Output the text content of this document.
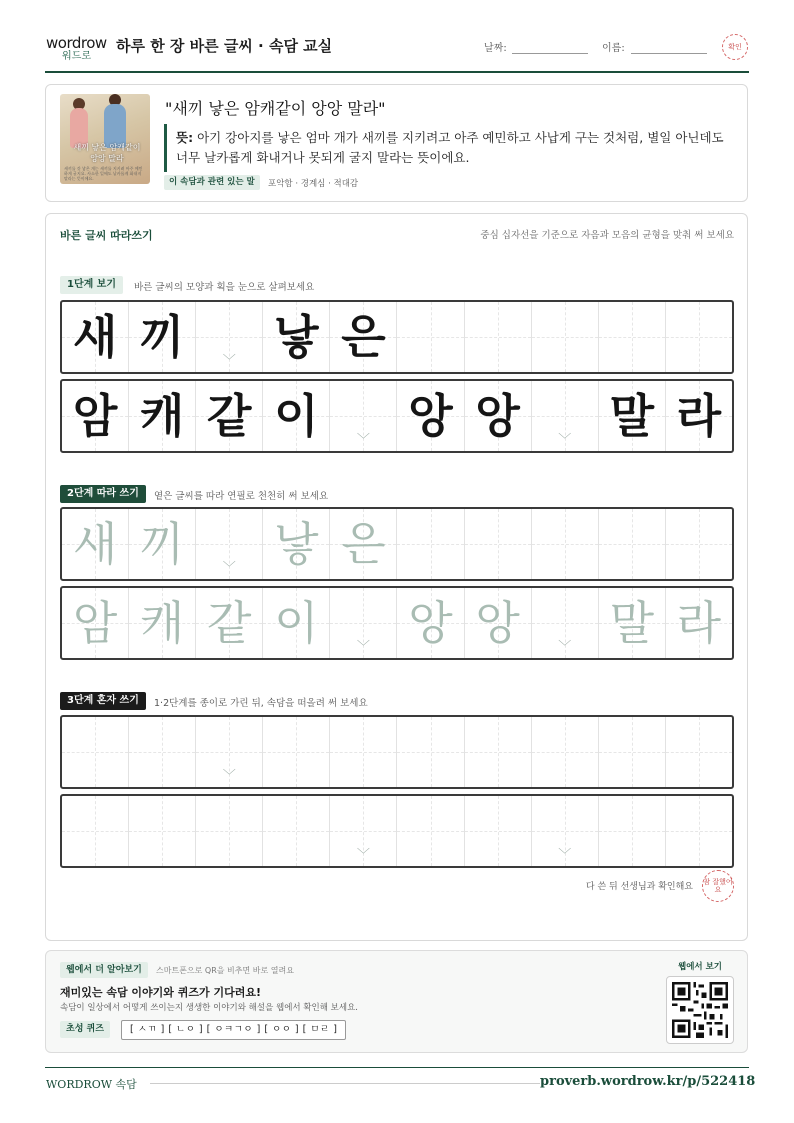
wordrow
워드로
하루 한 장 바른 글씨 · 속담 교실	날짜:	이름:	확인
새끼 낳은 암캐같이 앙앙 말라
새끼를 갓 낳은 개는 새끼를 지키려 아주 예민하게 굴지요. 사소한 일에도 날카롭게 화내지 말라는 뜻이에요.
"새끼 낳은 암캐같이 앙앙 말라"
뜻: 아기 강아지를 낳은 엄마 개가 새끼를 지키려고 아주 예민하고 사납게 구는 것처럼, 별일 아닌데도 너무 날카롭게 화내거나 못되게 굴지 말라는 뜻이에요.
이 속담과 관련 있는 말	포악함 · 경계심 · 적대감
바른 글씨 따라쓰기	중심 십자선을 기준으로 자음과 모음의 균형을 맞춰 써 보세요
1단계 보기	바른 글씨의 모양과 획을 눈으로 살펴보세요
새 끼	﹀ 낳 은
암 캐 같 이	﹀ 앙 앙	﹀ 말 라
2단계 따라 쓰기	옅은 글씨를 따라 연필로 천천히 써 보세요
새 끼	﹀ 낳 은
암 캐 같 이	﹀ 앙 앙	﹀ 말 라
3단계 혼자 쓰기	1·2단계를 종이로 가린 뒤, 속담을 떠올려 써 보세요
﹀
﹀	﹀
다 쓴 뒤 선생님과 확인해요 참 잘했어요
웹에서 더 알아보기	스마트폰으로 QR을 비추면 바로 열려요
재미있는 속담 이야기와 퀴즈가 기다려요!
속담이 일상에서 어떻게 쓰이는지 생생한 이야기와 해설을 웹에서 확인해 보세요.
초성 퀴즈	[ ㅅㄲ ] [ ㄴㅇ ] [ ㅇㅋㄱㅇ ] [ ㅇㅇ ] [ ㅁㄹ ]
웹에서 보기
WORDROW 속담	proverb.wordrow.kr/p/522418
